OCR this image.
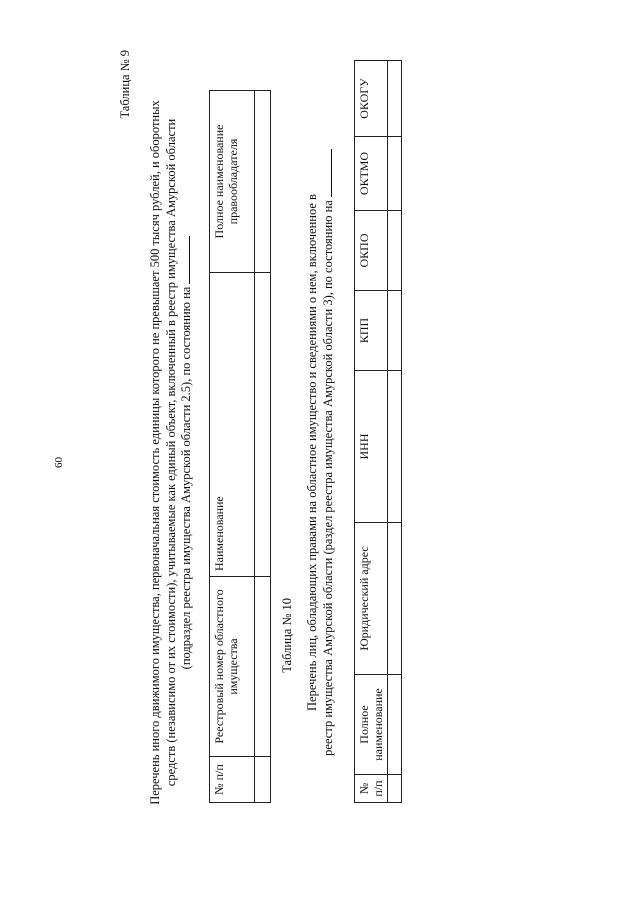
60
Таблица № 9
Перечень иного движимого имущества, первоначальная стоимость единицы которого не превышает 500 тысяч рублей, и оборотных средств (независимо от их стоимости), учитываемые как единый объект, включенный в реестр имущества Амурской области (подраздел реестра имущества Амурской области 2.5), по состоянию на
№ п/п	Реестровый номер областного имущества	Наименование	Полное наименование правообладателя

Таблица № 10 Перечень лиц, обладающих правами на областное имущество и сведениями о нем, включенное в реестр имущества Амурской области (раздел реестра имущества Амурской области 3), по состоянию на
№ п/п	Полное наименование	Юридический адрес	ИНН	КПП	ОКПО	ОКТМО	ОКОГУ
